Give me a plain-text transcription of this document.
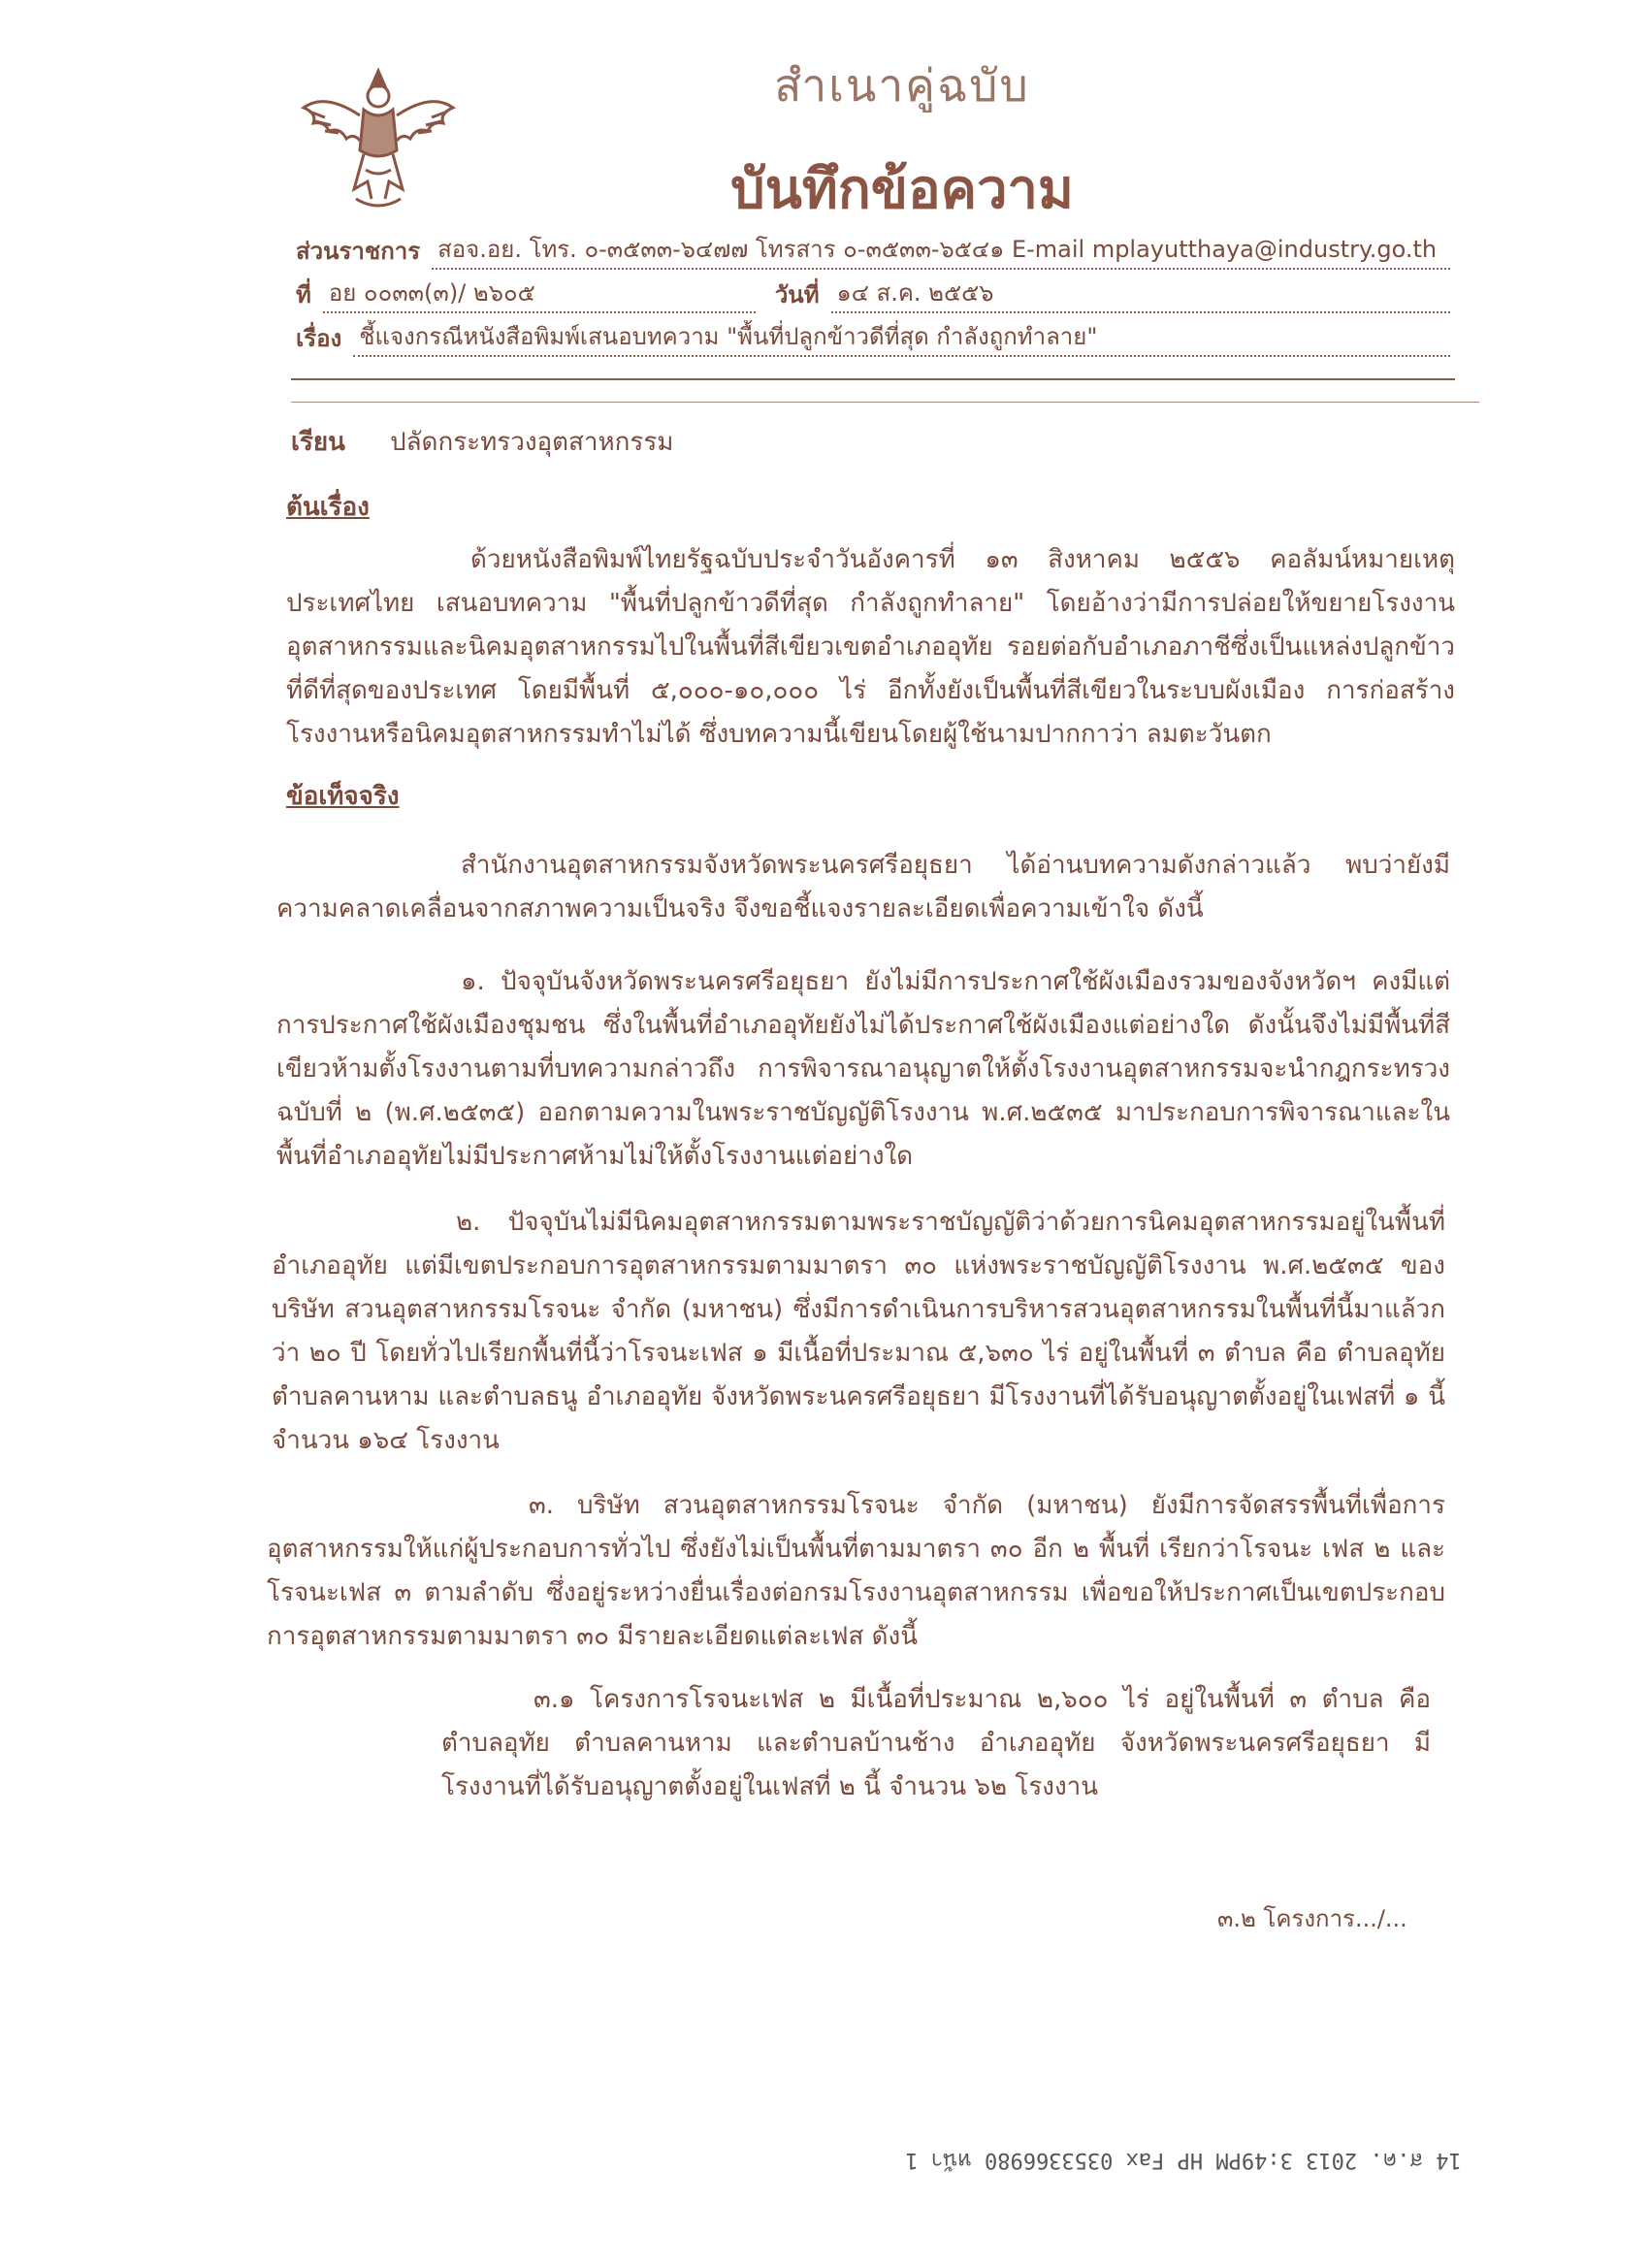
สำเนาคู่ฉบับ
บันทึกข้อความ
ส่วนราชการ สอจ.อย. โทร. ๐-๓๕๓๓-๖๔๗๗ โทรสาร ๐-๓๕๓๓-๖๕๔๑ E-mail mplayutthaya@industry.go.th
ที่ อย ๐๐๓๓(๓)/ ๒๖๐๕	วันที่ ๑๔ ส.ค. ๒๕๕๖
เรื่อง ชี้แจงกรณีหนังสือพิมพ์เสนอบทความ "พื้นที่ปลูกข้าวดีที่สุด กำลังถูกทำลาย"
เรียน ปลัดกระทรวงอุตสาหกรรม
ต้นเรื่อง

ด้วยหนังสือพิมพ์ไทยรัฐฉบับประจำวันอังคารที่ ๑๓ สิงหาคม ๒๕๕๖ คอลัมน์หมายเหตุประเทศไทย เสนอบทความ "พื้นที่ปลูกข้าวดีที่สุด กำลังถูกทำลาย" โดยอ้างว่ามีการปล่อยให้ขยายโรงงานอุตสาหกรรมและนิคมอุตสาหกรรมไปในพื้นที่สีเขียวเขตอำเภออุทัย รอยต่อกับอำเภอภาชีซึ่งเป็นแหล่งปลูกข้าวที่ดีที่สุดของประเทศ โดยมีพื้นที่ ๕,๐๐๐-๑๐,๐๐๐ ไร่ อีกทั้งยังเป็นพื้นที่สีเขียวในระบบผังเมือง การก่อสร้างโรงงานหรือนิคมอุตสาหกรรมทำไม่ได้ ซึ่งบทความนี้เขียนโดยผู้ใช้นามปากกาว่า ลมตะวันตก

ข้อเท็จจริง

สำนักงานอุตสาหกรรมจังหวัดพระนครศรีอยุธยา ได้อ่านบทความดังกล่าวแล้ว พบว่ายังมีความคลาดเคลื่อนจากสภาพความเป็นจริง จึงขอชี้แจงรายละเอียดเพื่อความเข้าใจ ดังนี้

๑. ปัจจุบันจังหวัดพระนครศรีอยุธยา ยังไม่มีการประกาศใช้ผังเมืองรวมของจังหวัดฯ คงมีแต่การประกาศใช้ผังเมืองชุมชน ซึ่งในพื้นที่อำเภออุทัยยังไม่ได้ประกาศใช้ผังเมืองแต่อย่างใด ดังนั้นจึงไม่มีพื้นที่สีเขียวห้ามตั้งโรงงานตามที่บทความกล่าวถึง การพิจารณาอนุญาตให้ตั้งโรงงานอุตสาหกรรมจะนำกฎกระทรวงฉบับที่ ๒ (พ.ศ.๒๕๓๕) ออกตามความในพระราชบัญญัติโรงงาน พ.ศ.๒๕๓๕ มาประกอบการพิจารณาและในพื้นที่อำเภออุทัยไม่มีประกาศห้ามไม่ให้ตั้งโรงงานแต่อย่างใด

๒. ปัจจุบันไม่มีนิคมอุตสาหกรรมตามพระราชบัญญัติว่าด้วยการนิคมอุตสาหกรรมอยู่ในพื้นที่อำเภออุทัย แต่มีเขตประกอบการอุตสาหกรรมตามมาตรา ๓๐ แห่งพระราชบัญญัติโรงงาน พ.ศ.๒๕๓๕ ของบริษัท สวนอุตสาหกรรมโรจนะ จำกัด (มหาชน) ซึ่งมีการดำเนินการบริหารสวนอุตสาหกรรมในพื้นที่นี้มาแล้วกว่า ๒๐ ปี โดยทั่วไปเรียกพื้นที่นี้ว่าโรจนะเฟส ๑ มีเนื้อที่ประมาณ ๕,๖๓๐ ไร่ อยู่ในพื้นที่ ๓ ตำบล คือ ตำบลอุทัย ตำบลคานหาม และตำบลธนู อำเภออุทัย จังหวัดพระนครศรีอยุธยา มีโรงงานที่ได้รับอนุญาตตั้งอยู่ในเฟสที่ ๑ นี้ จำนวน ๑๖๔ โรงงาน

๓. บริษัท สวนอุตสาหกรรมโรจนะ จำกัด (มหาชน) ยังมีการจัดสรรพื้นที่เพื่อการอุตสาหกรรมให้แก่ผู้ประกอบการทั่วไป ซึ่งยังไม่เป็นพื้นที่ตามมาตรา ๓๐ อีก ๒ พื้นที่ เรียกว่าโรจนะ เฟส ๒ และโรจนะเฟส ๓ ตามลำดับ ซึ่งอยู่ระหว่างยื่นเรื่องต่อกรมโรงงานอุตสาหกรรม เพื่อขอให้ประกาศเป็นเขตประกอบการอุตสาหกรรมตามมาตรา ๓๐ มีรายละเอียดแต่ละเฟส ดังนี้

๓.๑ โครงการโรจนะเฟส ๒ มีเนื้อที่ประมาณ ๒,๖๐๐ ไร่ อยู่ในพื้นที่ ๓ ตำบล คือ ตำบลอุทัย ตำบลคานหาม และตำบลบ้านช้าง อำเภออุทัย จังหวัดพระนครศรีอยุธยา มีโรงงานที่ได้รับอนุญาตตั้งอยู่ในเฟสที่ ๒ นี้ จำนวน ๖๒ โรงงาน

๓.๒ โครงการ.../...
14 ส.ค. 2013 3:49PM HP Fax 0353366980 หน้า 1
